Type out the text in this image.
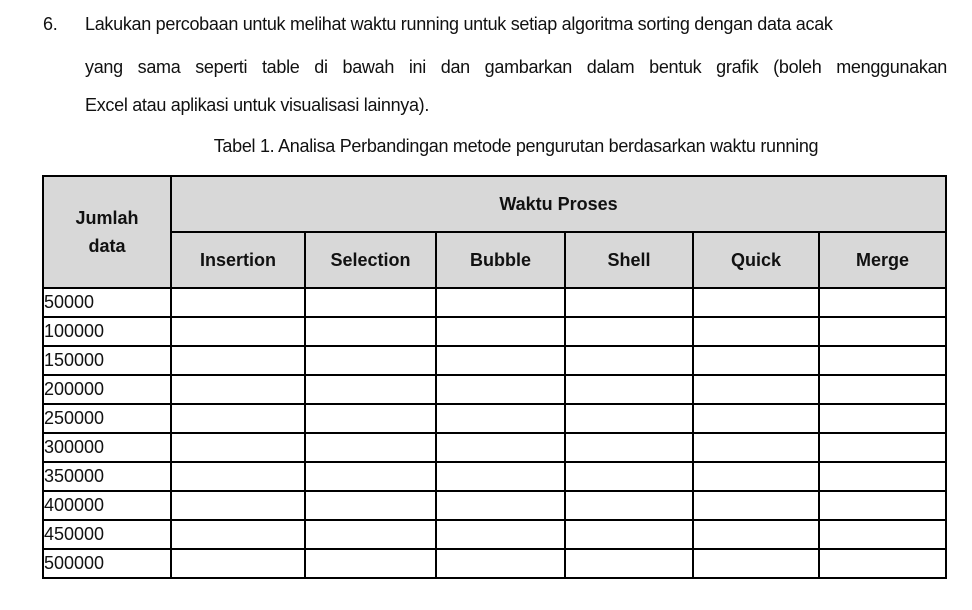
6. Lakukan percobaan untuk melihat waktu running untuk setiap algoritma sorting dengan data acak
yang sama seperti table di bawah ini dan gambarkan dalam bentuk grafik (boleh menggunakan
Excel atau aplikasi untuk visualisasi lainnya).
Tabel 1. Analisa Perbandingan metode pengurutan berdasarkan waktu running
Jumlah
data	Waktu Proses					
	Insertion	Selection	Bubble	Shell	Quick	Merge
50000						
100000						
150000						
200000						
250000						
300000						
350000						
400000						
450000						
500000						
